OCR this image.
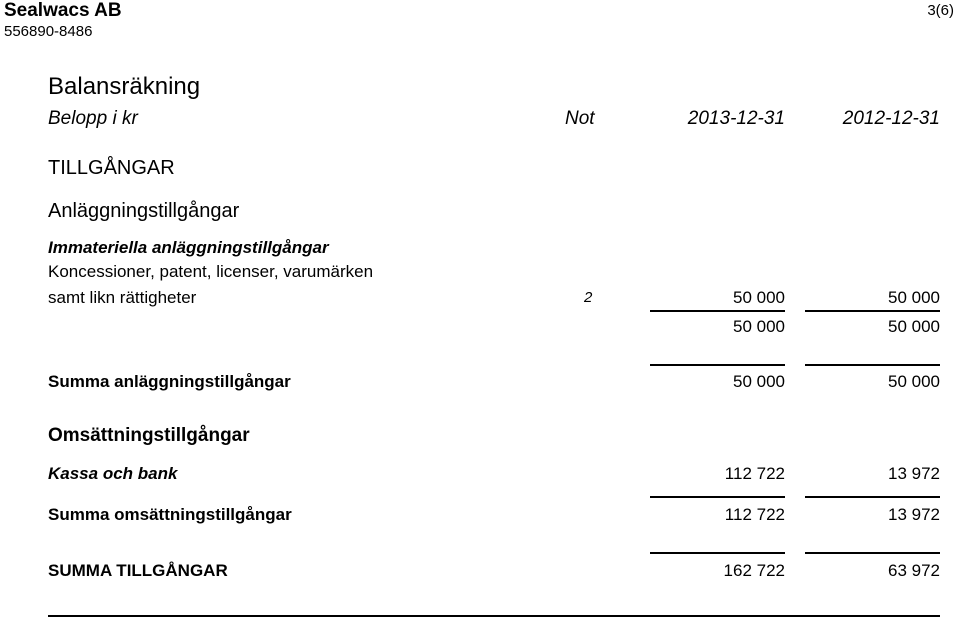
Sealwacs AB
556890-8486
3(6)
Balansräkning
Belopp i kr	Not	2013-12-31	2012-12-31
TILLGÅNGAR
Anläggningstillgångar
Immateriella anläggningstillgångar
Koncessioner, patent, licenser, varumärken
samt likn rättigheter	2	50 000	50 000
50 000	50 000
Summa anläggningstillgångar	50 000	50 000
Omsättningstillgångar
Kassa och bank	112 722	13 972
Summa omsättningstillgångar	112 722	13 972
SUMMA TILLGÅNGAR	162 722	63 972
